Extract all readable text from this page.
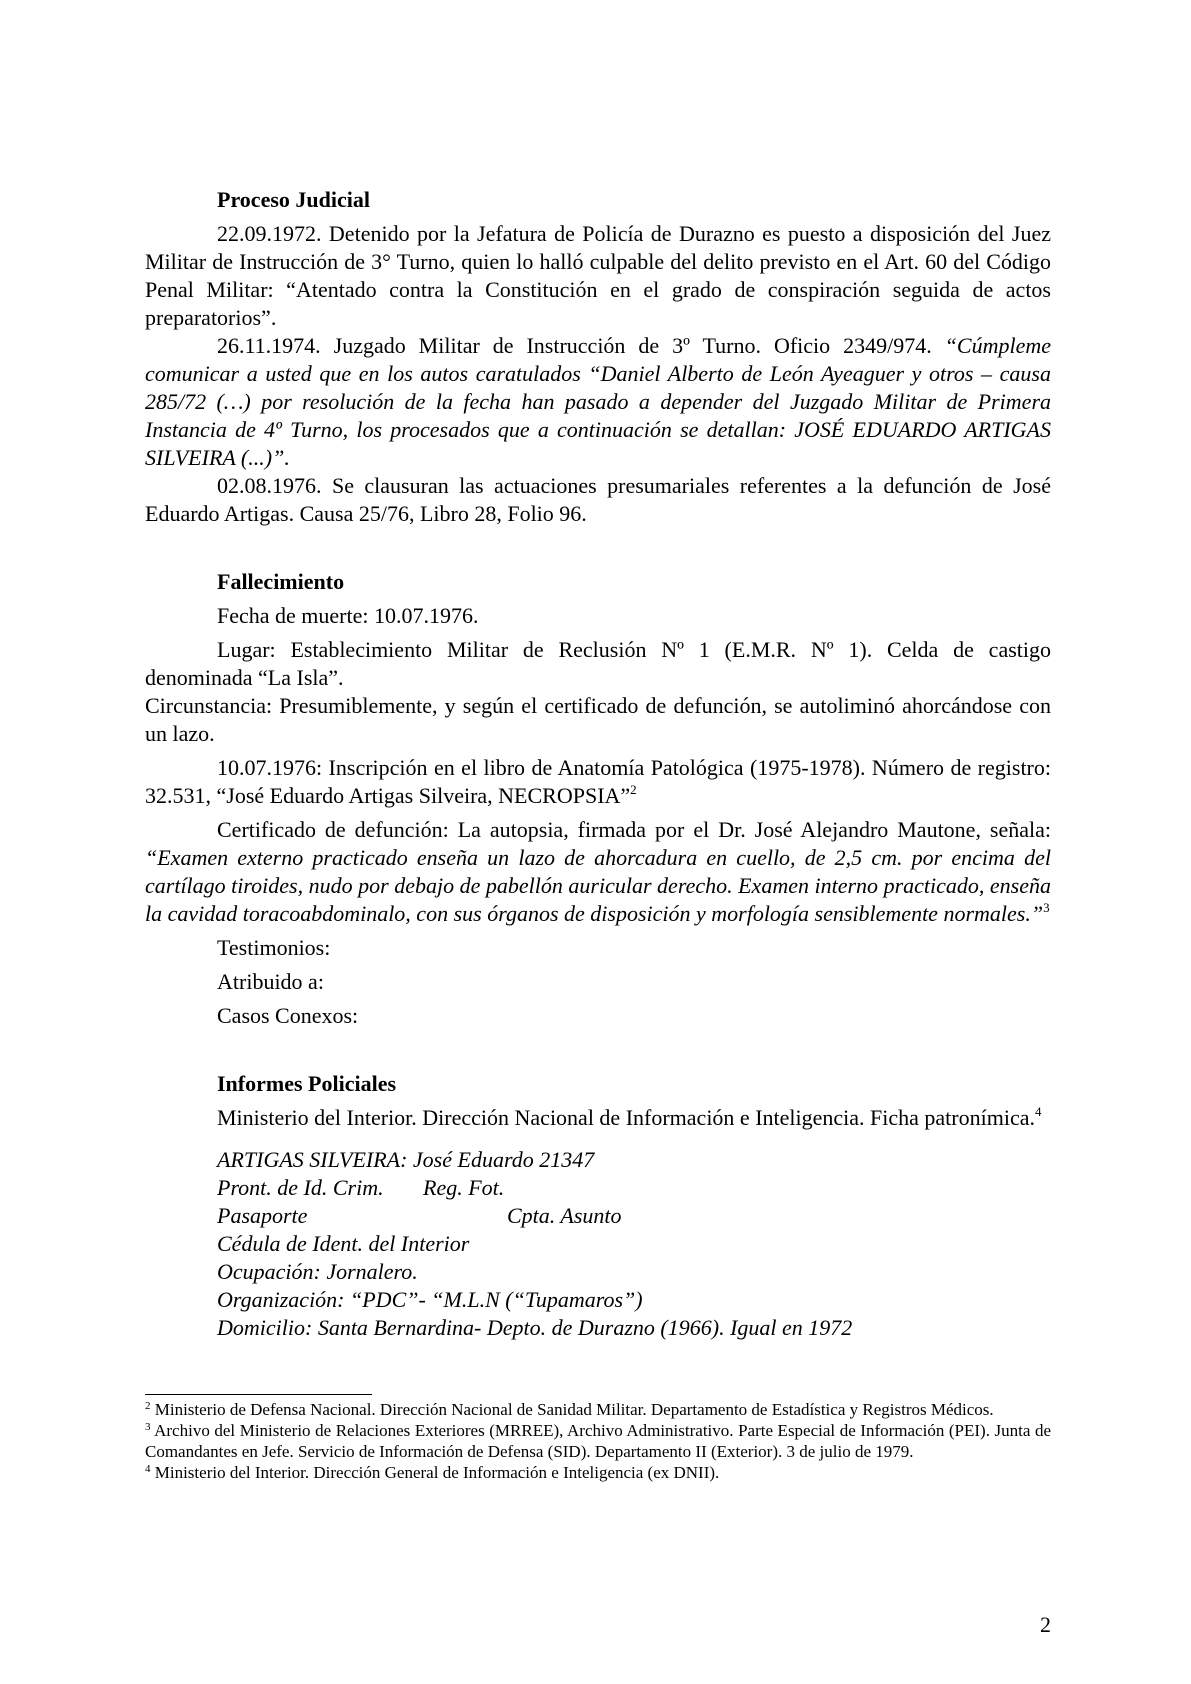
Proceso Judicial

22.09.1972. Detenido por la Jefatura de Policía de Durazno es puesto a disposición del Juez Militar de Instrucción de 3° Turno, quien lo halló culpable del delito previsto en el Art. 60 del Código Penal Militar: “Atentado contra la Constitución en el grado de conspiración seguida de actos preparatorios”.

26.11.1974. Juzgado Militar de Instrucción de 3º Turno. Oficio 2349/974. “Cúmpleme comunicar a usted que en los autos caratulados “Daniel Alberto de León Ayeaguer y otros – causa 285/72 (…) por resolución de la fecha han pasado a depender del Juzgado Militar de Primera Instancia de 4º Turno, los procesados que a continuación se detallan: JOSÉ EDUARDO ARTIGAS SILVEIRA (...)”.

02.08.1976. Se clausuran las actuaciones presumariales referentes a la defunción de José Eduardo Artigas. Causa 25/76, Libro 28, Folio 96.

Fallecimiento

Fecha de muerte: 10.07.1976.

Lugar: Establecimiento Militar de Reclusión Nº 1 (E.M.R. Nº 1). Celda de castigo denominada “La Isla”.

Circunstancia: Presumiblemente, y según el certificado de defunción, se autoliminó ahorcándose con un lazo.

10.07.1976: Inscripción en el libro de Anatomía Patológica (1975-1978). Número de registro: 32.531, “José Eduardo Artigas Silveira, NECROPSIA”$^2$

Certificado de defunción: La autopsia, firmada por el Dr. José Alejandro Mautone, señala: “Examen externo practicado enseña un lazo de ahorcadura en cuello, de 2,5 cm. por encima del cartílago tiroides, nudo por debajo de pabellón auricular derecho. Examen interno practicado, enseña la cavidad toracoabdominalo, con sus órganos de disposición y morfología sensiblemente normales.”$^3$

Testimonios:

Atribuido a:

Casos Conexos:

Informes Policiales

Ministerio del Interior. Dirección Nacional de Información e Inteligencia. Ficha patronímica.$^4$

ARTIGAS SILVEIRA: José Eduardo 21347
Pront. de Id. Crim. Reg. Fot.
Pasaporte	Cpta. Asunto
Cédula de Ident. del Interior
Ocupación: Jornalero.
Organización: “PDC”- “M.L.N (“Tupamaros”)
Domicilio: Santa Bernardina- Depto. de Durazno (1966). Igual en 1972

$^2$ Ministerio de Defensa Nacional. Dirección Nacional de Sanidad Militar. Departamento de Estadística y Registros Médicos.

$^3$ Archivo del Ministerio de Relaciones Exteriores (MRREE), Archivo Administrativo. Parte Especial de Información (PEI). Junta de Comandantes en Jefe. Servicio de Información de Defensa (SID). Departamento II (Exterior). 3 de julio de 1979.

$^4$ Ministerio del Interior. Dirección General de Información e Inteligencia (ex DNII).

2
